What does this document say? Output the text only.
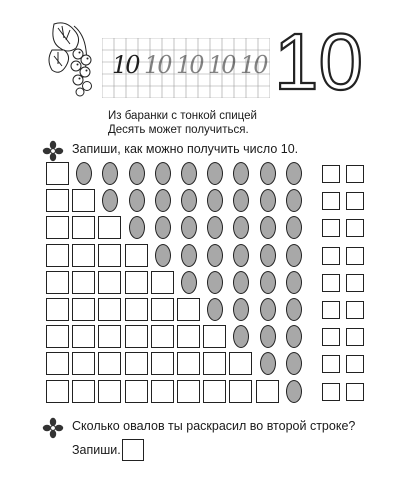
10 10 10 10 10 10
Из баранки с тонкой спицей
Десять может получиться.
Запиши, как можно получить число 10.
Сколько овалов ты раскрасил во второй строке?
Запиши.
